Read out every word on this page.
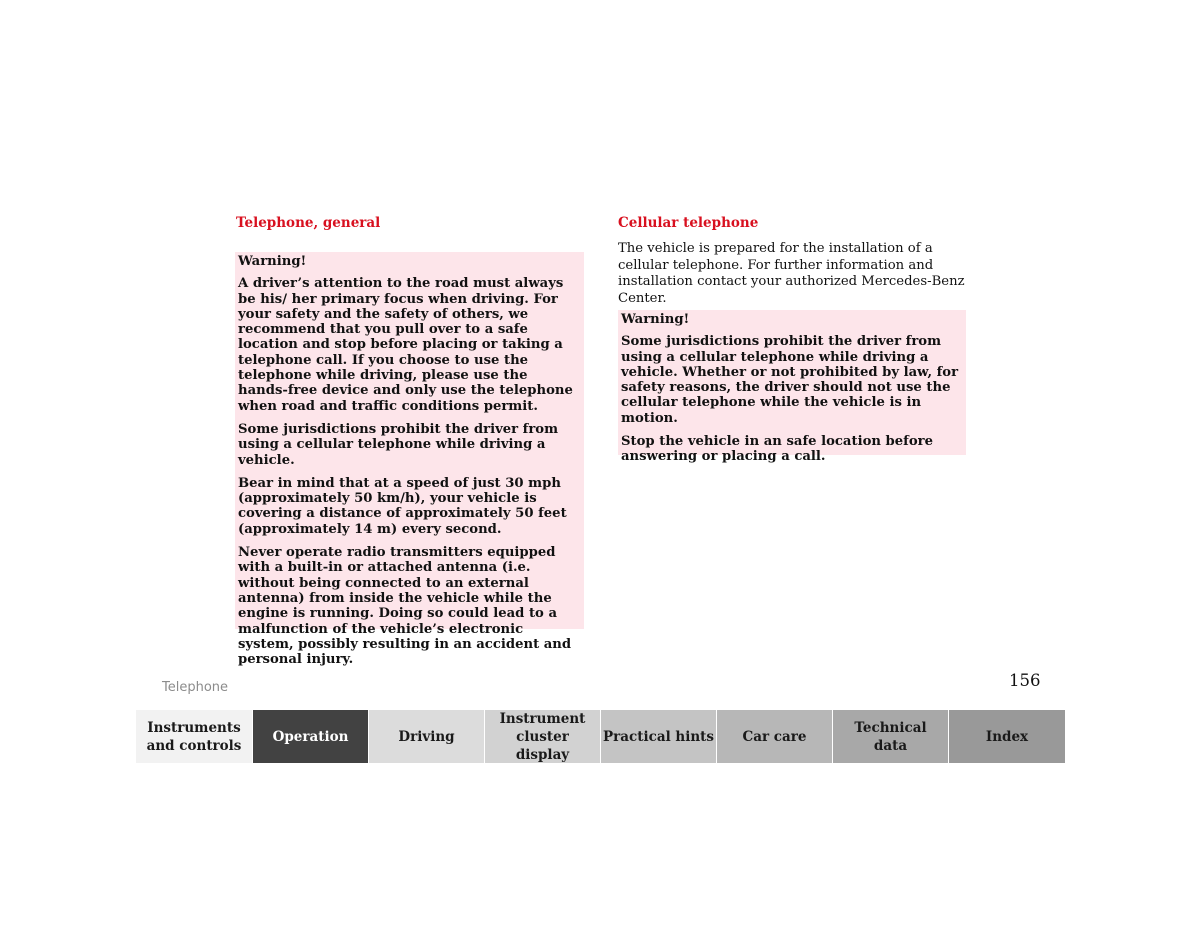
Telephone, general

Warning!

A driver’s attention to the road must always be his/ her primary focus when driving. For your safety and the safety of others, we recommend that you pull over to a safe location and stop before placing or taking a telephone call. If you choose to use the telephone while driving, please use the hands-free device and only use the telephone when road and traffic conditions permit.

Some jurisdictions prohibit the driver from using a cellular telephone while driving a vehicle.

Bear in mind that at a speed of just 30 mph (approximately 50 km/h), your vehicle is covering a distance of approximately 50 feet (approximately 14 m) every second.

Never operate radio transmitters equipped with a built-in or attached antenna (i.e. without being connected to an external antenna) from inside the vehicle while the engine is running. Doing so could lead to a malfunction of the vehicle’s electronic system, possibly resulting in an accident and personal injury.

Cellular telephone

The vehicle is prepared for the installation of a cellular telephone. For further information and installation contact your authorized Mercedes-Benz Center.

Warning!

Some jurisdictions prohibit the driver from using a cellular telephone while driving a vehicle. Whether or not prohibited by law, for safety reasons, the driver should not use the cellular telephone while the vehicle is in motion.

Stop the vehicle in an safe location before answering or placing a call.

Telephone	156
Instruments and controls
Operation	Driving
Instrument cluster display
Practical hints Car care
Technical data
Index
